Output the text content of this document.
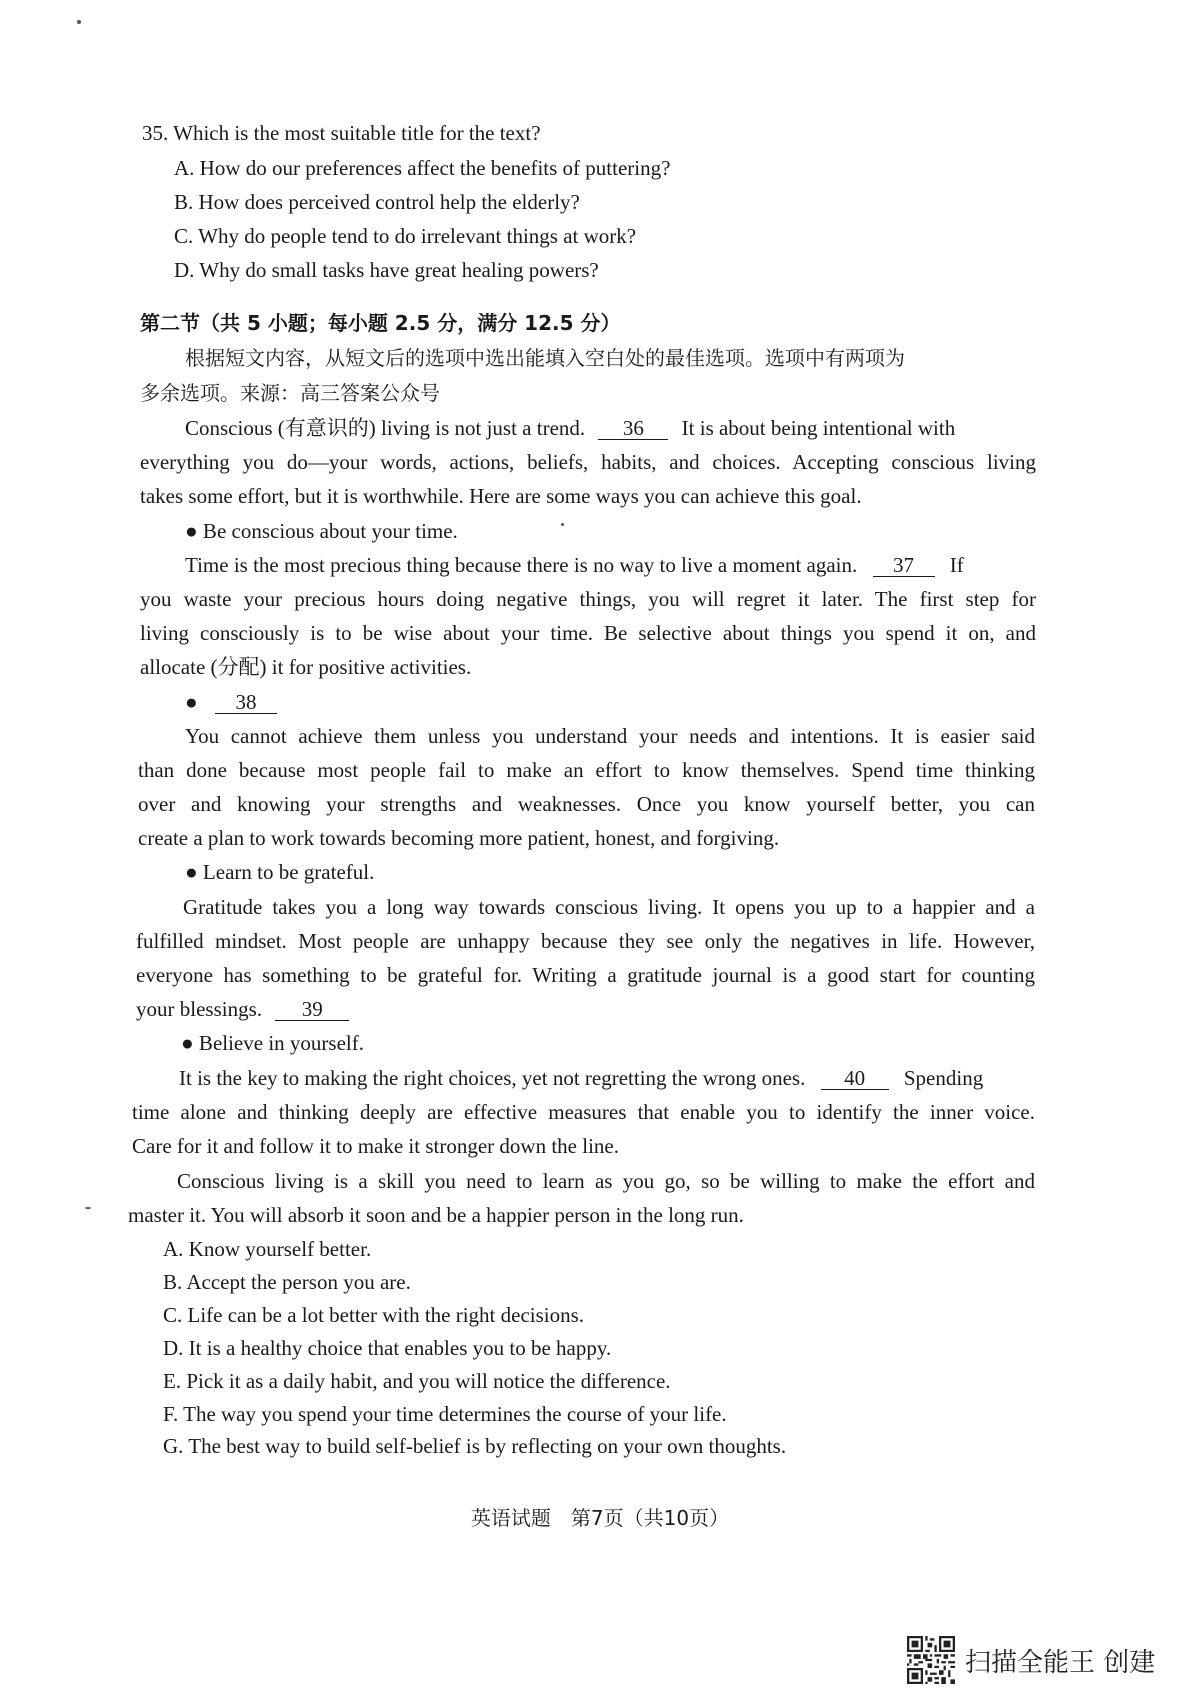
35. Which is the most suitable title for the text?
A. How do our preferences affect the benefits of puttering?
B. How does perceived control help the elderly?
C. Why do people tend to do irrelevant things at work?
D. Why do small tasks have great healing powers?
第二节（共 5 小题；每小题 2.5 分，满分 12.5 分）
根据短文内容，从短文后的选项中选出能填入空白处的最佳选项。选项中有两项为
多余选项。来源：高三答案公众号
Conscious (有意识的) living is not just a trend. 36 It is about being intentional with
everything you do—your words, actions, beliefs, habits, and choices. Accepting conscious living
takes some effort, but it is worthwhile. Here are some ways you can achieve this goal.
● Be conscious about your time.
Time is the most precious thing because there is no way to live a moment again. 37 If
you waste your precious hours doing negative things, you will regret it later. The first step for
living consciously is to be wise about your time. Be selective about things you spend it on, and
allocate (分配) it for positive activities.
● 38
You cannot achieve them unless you understand your needs and intentions. It is easier said
than done because most people fail to make an effort to know themselves. Spend time thinking
over and knowing your strengths and weaknesses. Once you know yourself better, you can
create a plan to work towards becoming more patient, honest, and forgiving.
● Learn to be grateful.
Gratitude takes you a long way towards conscious living. It opens you up to a happier and a
fulfilled mindset. Most people are unhappy because they see only the negatives in life. However,
everyone has something to be grateful for. Writing a gratitude journal is a good start for counting
your blessings. 39
● Believe in yourself.
It is the key to making the right choices, yet not regretting the wrong ones. 40 Spending
time alone and thinking deeply are effective measures that enable you to identify the inner voice.
Care for it and follow it to make it stronger down the line.
Conscious living is a skill you need to learn as you go, so be willing to make the effort and
master it. You will absorb it soon and be a happier person in the long run.
A. Know yourself better.
B. Accept the person you are.
C. Life can be a lot better with the right decisions.
D. It is a healthy choice that enables you to be happy.
E. Pick it as a daily habit, and you will notice the difference.
F. The way you spend your time determines the course of your life.
G. The best way to build self-belief is by reflecting on your own thoughts.
英语试题　第7页（共10页）
扫描全能王 创建
